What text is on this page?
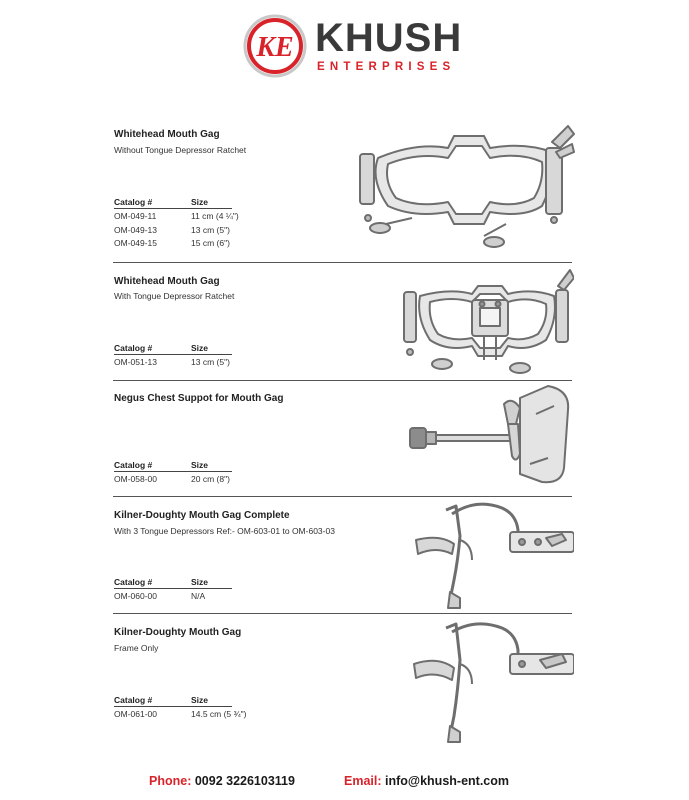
KE KHUSH
ENTERPRISES
Whitehead Mouth Gag
Without Tongue Depressor Ratchet
Catalog #	Size
OM-049-11	11 cm (4 ¼")
OM-049-13	13 cm (5")
OM-049-15	15 cm (6")
Whitehead Mouth Gag
With Tongue Depressor Ratchet
Catalog #	Size
OM-051-13	13 cm (5")
Negus Chest Suppot for Mouth Gag
Catalog #	Size
OM-058-00	20 cm (8")
Kilner-Doughty Mouth Gag Complete
With 3 Tongue Depressors Ref:- OM-603-01 to OM-603-03
Catalog #	Size
OM-060-00	N/A
Kilner-Doughty Mouth Gag
Frame Only
Catalog #	Size
OM-061-00	14.5 cm (5 ¾")
Phone: 0092 3226103119	Email: info@khush-ent.com
